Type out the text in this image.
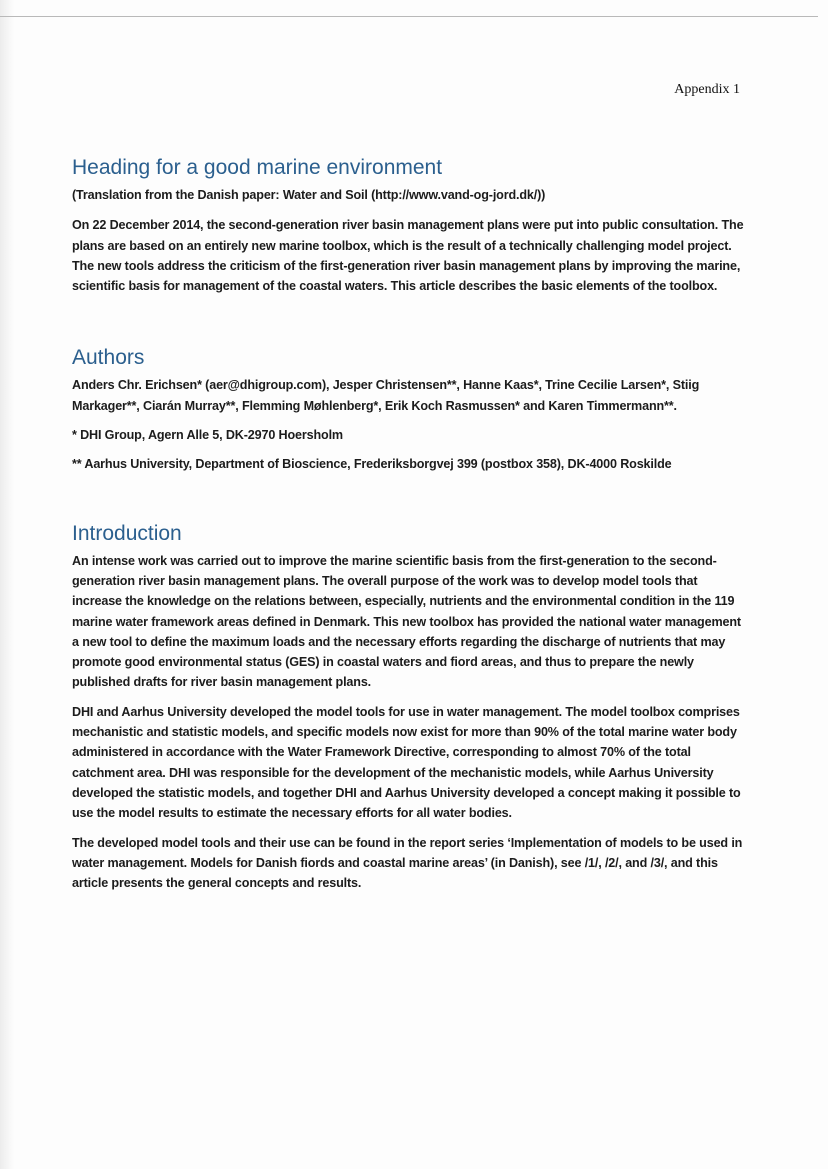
Appendix 1
Heading for a good marine environment

(Translation from the Danish paper: Water and Soil (http://www.vand-og-jord.dk/))

On 22 December 2014, the second-generation river basin management plans were put into public consultation. The plans are based on an entirely new marine toolbox, which is the result of a technically challenging model project. The new tools address the criticism of the first-generation river basin management plans by improving the marine, scientific basis for management of the coastal waters. This article describes the basic elements of the toolbox.

Authors

Anders Chr. Erichsen* (aer@dhigroup.com), Jesper Christensen**, Hanne Kaas*, Trine Cecilie Larsen*, Stiig Markager**, Ciarán Murray**, Flemming Møhlenberg*, Erik Koch Rasmussen* and Karen Timmermann**.

* DHI Group, Agern Alle 5, DK-2970 Hoersholm

** Aarhus University, Department of Bioscience, Frederiksborgvej 399 (postbox 358), DK-4000 Roskilde

Introduction

An intense work was carried out to improve the marine scientific basis from the first-generation to the second-generation river basin management plans. The overall purpose of the work was to develop model tools that increase the knowledge on the relations between, especially, nutrients and the environmental condition in the 119 marine water framework areas defined in Denmark. This new toolbox has provided the national water management a new tool to define the maximum loads and the necessary efforts regarding the discharge of nutrients that may promote good environmental status (GES) in coastal waters and fiord areas, and thus to prepare the newly published drafts for river basin management plans.

DHI and Aarhus University developed the model tools for use in water management. The model toolbox comprises mechanistic and statistic models, and specific models now exist for more than 90% of the total marine water body administered in accordance with the Water Framework Directive, corresponding to almost 70% of the total catchment area. DHI was responsible for the development of the mechanistic models, while Aarhus University developed the statistic models, and together DHI and Aarhus University developed a concept making it possible to use the model results to estimate the necessary efforts for all water bodies.

The developed model tools and their use can be found in the report series ‘Implementation of models to be used in water management. Models for Danish fiords and coastal marine areas’ (in Danish), see /1/, /2/, and /3/, and this article presents the general concepts and results.
